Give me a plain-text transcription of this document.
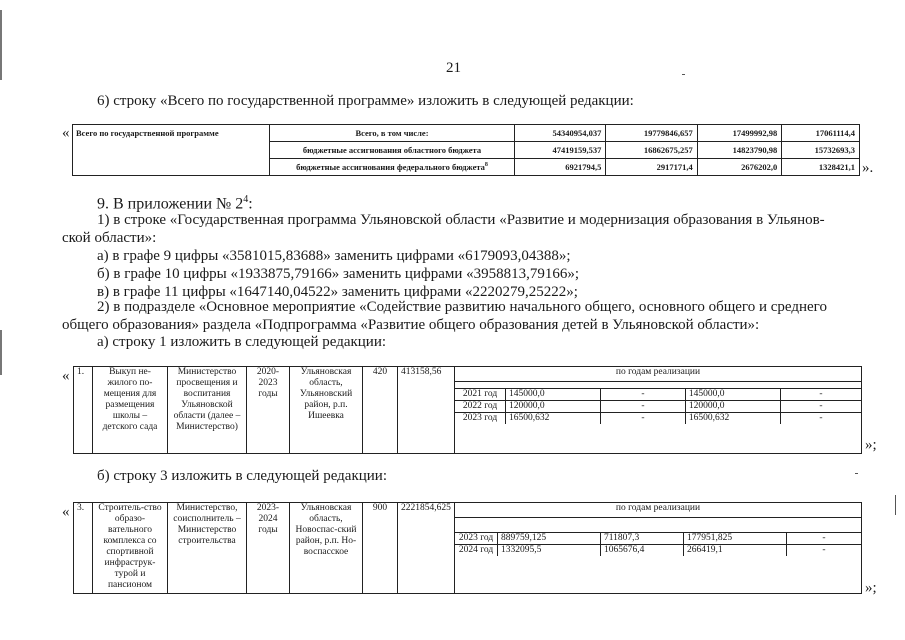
21
6) строку «Всего по государственной программе» изложить в следующей редакции:
« Всего по государственной программе	Всего, в том числе:	54340954,037	19779846,657	17499992,98	17061114,4
	бюджетные ассигнования областного бюджета	47419159,537	16862675,257	14823790,98	15732693,3
	бюджетные ассигнования федерального бюджета$^8$	6921794,5	2917171,4	2676202,0	1328421,1 ».
9. В приложении № $2^4$:
1) в строке «Государственная программа Ульяновской области «Развитие и модернизация образования в Ульянов-
ской области»:
а) в графе 9 цифры «3581015,83688» заменить цифрами «6179093,04388»;
б) в графе 10 цифры «1933875,79166» заменить цифрами «3958813,79166»;
в) в графе 11 цифры «1647140,04522» заменить цифрами «2220279,25222»;
2) в подразделе «Основное мероприятие «Содействие развитию начального общего, основного общего и среднего
общего образования» раздела «Подпрограмма «Развитие общего образования детей в Ульяновской области»:
а) строку 1 изложить в следующей редакции:
« 1.	Выкуп не-жилого по-мещения для размещения школы – детского сада	Министерство просвещения и воспитания Ульяновской области (далее – Министерство)	2020-2023 годы	Ульяновская область, Ульяновский район, р.п. Ишеевка	420	413158,56		по годам реализации

2021 год	145000,0	-	145000,0	-
2022 год	120000,0	-	120000,0	-
2023 год	16500,632	-	16500,632	-
»;
б) строку 3 изложить в следующей редакции:
« 3.	Строитель-ство образо-вательного комплекса со спортивной инфраструк-турой и пансионом	Министерство, соисполнитель – Министерство строительства	2023-2024 годы	Ульяновская область, Новоспас-ский район, р.п. Но-воспасское	900	2221854,625		по годам реализации

2023 год	889759,125	711807,3	177951,825	-
2024 год	1332095,5	1065676,4	266419,1	-
»;
